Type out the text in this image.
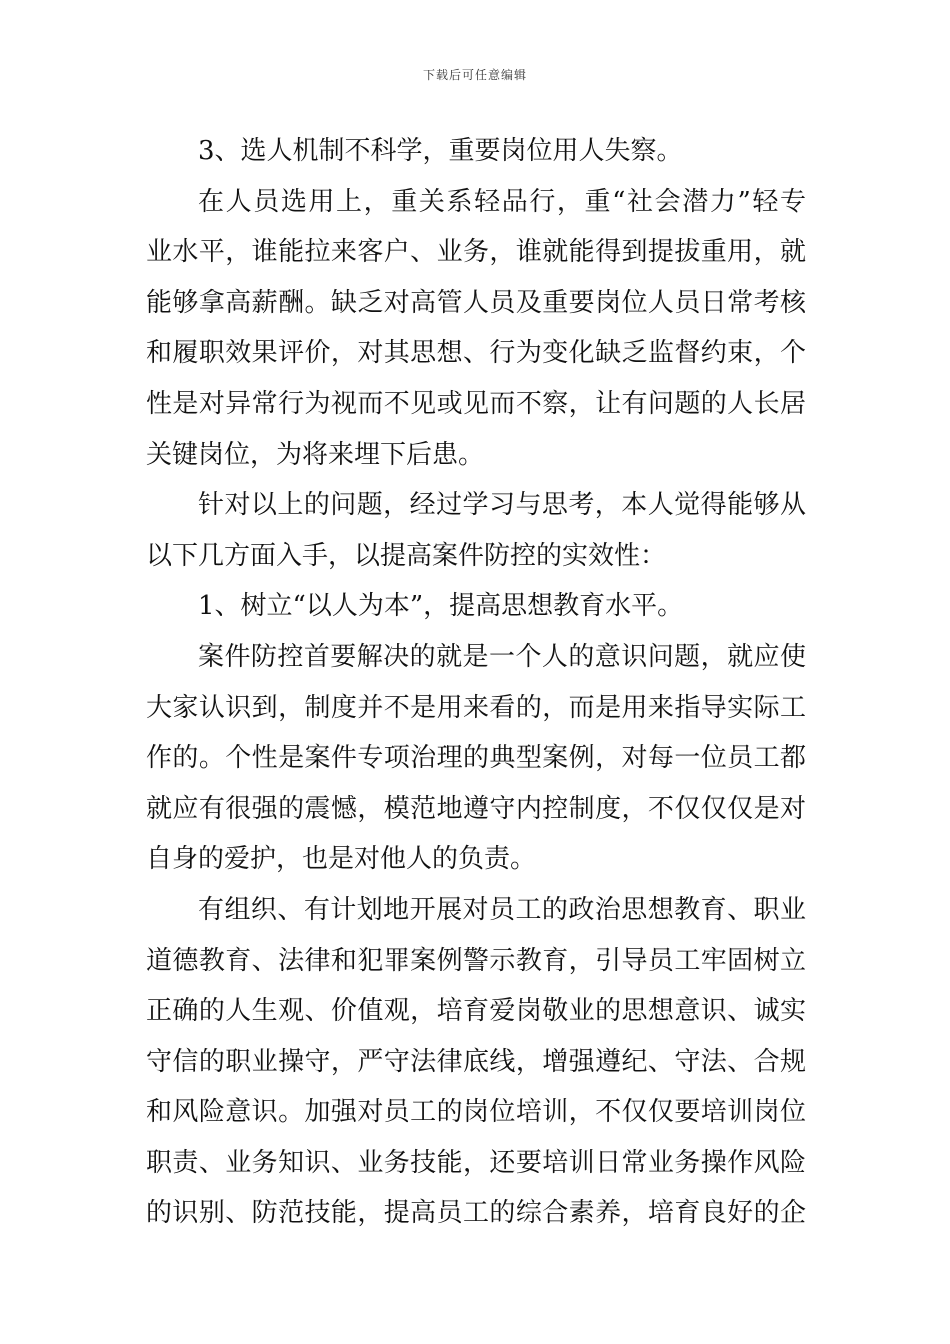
下载后可任意编辑
3、选人机制不科学，重要岗位用人失察。
在人员选用上，重关系轻品行，重“社会潜力”轻专
业水平，谁能拉来客户、业务，谁就能得到提拔重用，就
能够拿高薪酬。缺乏对高管人员及重要岗位人员日常考核
和履职效果评价，对其思想、行为变化缺乏监督约束，个
性是对异常行为视而不见或见而不察，让有问题的人长居
关键岗位，为将来埋下后患。
针对以上的问题，经过学习与思考，本人觉得能够从
以下几方面入手，以提高案件防控的实效性：
1、树立“以人为本”，提高思想教育水平。
案件防控首要解决的就是一个人的意识问题，就应使
大家认识到，制度并不是用来看的，而是用来指导实际工
作的。个性是案件专项治理的典型案例，对每一位员工都
就应有很强的震憾，模范地遵守内控制度，不仅仅仅是对
自身的爱护，也是对他人的负责。
有组织、有计划地开展对员工的政治思想教育、职业
道德教育、法律和犯罪案例警示教育，引导员工牢固树立
正确的人生观、价值观，培育爱岗敬业的思想意识、诚实
守信的职业操守，严守法律底线，增强遵纪、守法、合规
和风险意识。加强对员工的岗位培训，不仅仅要培训岗位
职责、业务知识、业务技能，还要培训日常业务操作风险
的识别、防范技能，提高员工的综合素养，培育良好的企
